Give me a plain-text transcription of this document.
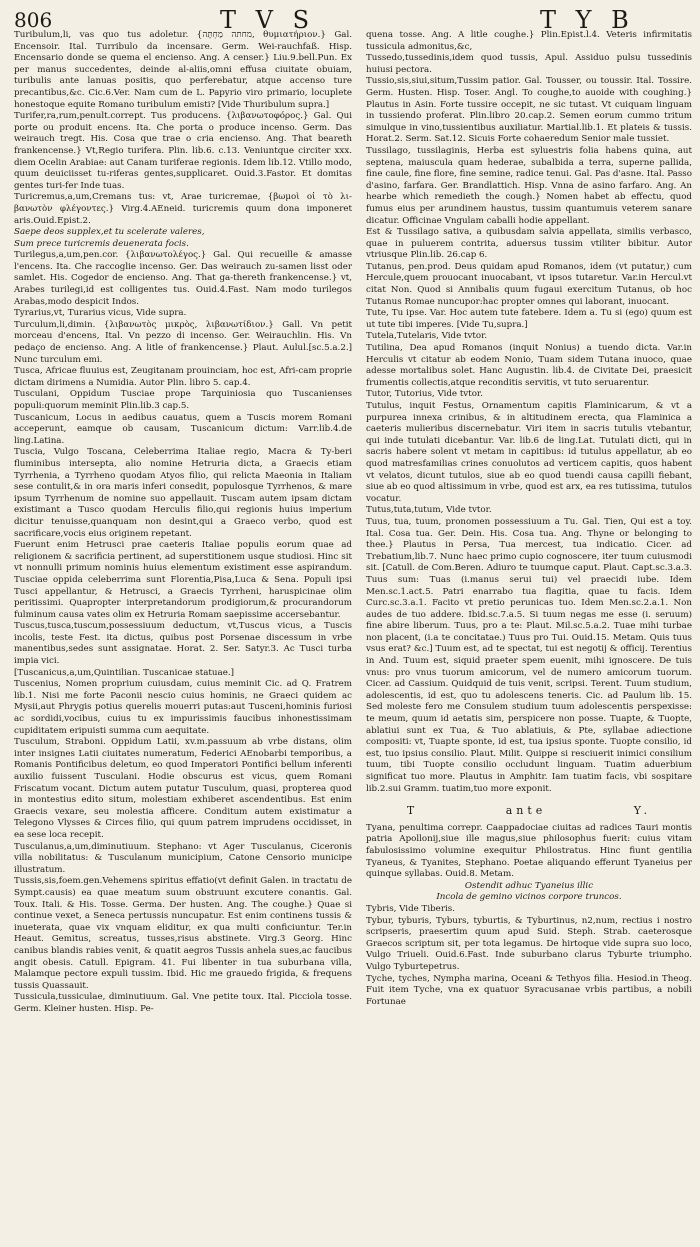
806	T V S	T Y B

Turibulum,li, vas quo tus adoletur. {מחתה מַחְתָּה, θυμιατήριον.} Gal. Encensoir. Ital. Turribulo da incensare. Germ. Wei-rauchfaß. Hisp. Encensario donde se quema el encienso. Ang. A censer.} Liu.9.bell.Pun. Ex per manus succedentes, deinde al-aliis,omni effusa ciuitate obuiam, turibulis ante lanuas positis, quo perferebatur, atque accenso ture precantibus,&c. Cic.6.Ver. Nam cum de L. Papyrio viro primario, locuplete honestoque equite Romano turibulum emisti? [Vide Thuribulum supra.]

Turifer,ra,rum,penult.corrept. Tus producens. {λιβανωτοφόρος.} Gal. Qui porte ou produit encens. Ita. Che porta o produce incenso. Germ. Das weirauch tregt. His. Cosa que trae o cria encienso. Ang. That beareth frankencense.} Vt,Regio turifera. Plin. lib.6. c.13. Veniuntque circiter xxx. diem Ocelin Arabiae: aut Canam turiferae regionis. Idem lib.12. Vtillo modo, quum deuiciisset tu-riferas gentes,supplicaret. Ouid.3.Fastor. Et domitas gentes turi-fer Inde tuas.

Turicremus,a,um,Cremans tus: vt, Arae turicremae, {βωμοὶ οἱ τὸ λι-βανωτὸν φλέγοντες.} Virg.4.AEneid. turicremis quum dona imponeret aris.Ouid.Epist.2.

Saepe deos supplex,et tu scelerate valeres,

Sum prece turicremis deuenerata focis.

Turilegus,a,um,pen.cor. {λιβανωτολέγος.} Gal. Qui recueille & amasse l'encens. Ita. Che raccoglie incenso. Ger. Das weirauch zu-samen lisst oder samlet. His. Cogedor de encienso. Ang. That ga-thereth frankencense.} vt, Arabes turilegi,id est colligentes tus. Ouid.4.Fast. Nam modo turilegos Arabas,modo despicit Indos.

Tyrarius,vt, Turarius vicus, Vide supra.

Turculum,li,dimin. {λιβανωτὸς μικρὸς, λιβανωτίδιον.} Gall. Vn petit morceau d'encens, Ital. Vn pezzo di incenso. Ger. Weirauchlin. His. Vn pedaço de encienso. Ang. A litle of frankencense.} Plaut. Aulul.[sc.5.a.2.] Nunc turculum emi.

Tusca, Africae fluuius est, Zeugitanam prouinciam, hoc est, Afri-cam proprie dictam dirimens a Numidia. Autor Plin. libro 5. cap.4.

Tusculani, Oppidum Tusciae prope Tarquiniosia quo Tuscanienses populi:quorum meminit Plin.lib.3 cap.5.

Tuscanicum, Locus in aedibus cauatus, quem a Tuscis morem Romani acceperunt, eamque ob causam, Tuscanicum dictum: Varr.lib.4.de ling.Latina.

Tuscia, Vulgo Toscana, Celeberrima Italiae regio, Macra & Ty-beri fluminibus intersepta, alio nomine Hetruria dicta, a Graecis etiam Tyrrhenia, a Tyrrheno quodam Atyos filio, qui relicta Maeonia in Italiam sese contulit,& in ora maris inferi consedit, populosque Tyrrhenos, & mare ipsum Tyrrhenum de nomine suo appellauit. Tuscam autem ipsam dictam existimant a Tusco quodam Herculis filio,qui regionis huius imperium dicitur tenuisse,quanquam non desint,qui a Graeco verbo, quod est sacrificare,vocis eius originem repetant.

Fuerunt enim Hetrusci prae caeteris Italiae populis eorum quae ad religionem & sacrificia pertinent, ad superstitionem usque studiosi. Hinc sit vt nonnulli primum nominis huius elementum existiment esse aspirandum. Tusciae oppida celeberrima sunt Florentia,Pisa,Luca & Sena. Populi ipsi Tusci appellantur, & Hetrusci, a Graecis Tyrrheni, haruspicinae olim peritissimi. Quapropter interpretandorum prodigiorum,& procurandorum fulminum causa vates olim ex Hetruria Romam saepissime accersebantur.

Tuscus,tusca,tuscum,possessiuum deductum, vt,Tuscus vicus, a Tuscis incolis, teste Fest. ita dictus, quibus post Porsenae discessum in vrbe manentibus,sedes sunt assignatae. Horat. 2. Ser. Satyr.3. Ac Tusci turba impia vici.

[Tuscanicus,a,um,Quintilian. Tuscanicae statuae.]

Tuscenius, Nomen proprium cuiusdam, cuius meminit Cic. ad Q. Fratrem lib.1. Nisi me forte Paconii nescio cuius hominis, ne Graeci quidem ac Mysii,aut Phrygis potius querelis mouerri putas:aut Tusceni,hominis furiosi ac sordidi,vocibus, cuius tu ex impurissimis faucibus inhonestissimam cupiditatem eripuisti summa cum aequitate.

Tusculum, Straboni. Oppidum Latii, xv.m.passuum ab vrbe distans, olim inter insignes Latii ciuitates numeratum, Federici AEnobarbi temporibus, a Romanis Pontificibus deletum, eo quod Imperatori Pontifici bellum inferenti auxilio fuissent Tusculani. Hodie obscurus est vicus, quem Romani Friscatum vocant. Dictum autem putatur Tusculum, quasi, propterea quod in montestius edito situm, molestiam exhiberet ascendentibus. Est enim Graecis vexare, seu molestia afficere. Conditum autem existimatur a Telegono Vlysses & Circes filio, qui quum patrem imprudens occidisset, in ea sese loca recepit.

Tusculanus,a,um,diminutiuum. Stephano: vt Ager Tusculanus, Ciceronis villa nobilitatus: & Tusculanum municipium, Catone Censorio municipe illustratum.

Tussis,sis,foem.gen.Vehemens spiritus effatio(vt definit Galen. in tractatu de Sympt.causis) ea quae meatum suum obstruunt excutere conantis. Gal. Toux. Itali. & His. Tosse. Germa. Der husten. Ang. The coughe.} Quae si continue vexet, a Seneca pertussis nuncupatur. Est enim continens tussis & inueterata, quae vix vnquam eliditur, ex qua multi conficiuntur. Ter.in Heaut. Gemitus, screatus, tusses,risus abstinete. Virg.3 Georg. Hinc canibus blandis rabies venit, & quatit aegros Tussis anhela sues,ac faucibus angit obesis. Catull. Epigram. 41. Fui libenter in tua suburbana villa, Malamque pectore expuli tussim. Ibid. Hic me grauedo frigida, & frequens tussis Quassauit.

Tussicula,tussiculae, diminutiuum. Gal. Vne petite toux. Ital. Picciola tosse. Germ. Kleiner husten. Hisp. Pe-

quena tosse. Ang. A litle coughe.} Plin.Epist.l.4. Veteris infirmitatis tussicula admonitus,&c,

Tussedo,tussedinis,idem quod tussis, Apul. Assiduo pulsu tussedinis huiusi pectora.

Tussio,sis,siui,situm,Tussim patior. Gal. Tousser, ou toussir. Ital. Tossire. Germ. Husten. Hisp. Toser. Angl. To coughe,to auoide with coughing.} Plautus in Asin. Forte tussire occepit, ne sic tutast. Vt cuiquam linguam in tussiendo proferat. Plin.libro 20.cap.2. Semen eorum cummo tritum simulque in vino,tussientibus auxiliatur. Martial.lib.1. Et plateis & tussis. Horat.2. Serm. Sat.12. Sicuis Forte cohaeredum Senior male tussiet.

Tussilago, tussilaginis, Herba est syluestris folia habens quina, aut septena, maiuscula quam hederae, subalbida a terra, superne pallida, fine caule, fine flore, fine semine, radice tenui. Gal. Pas d'asne. Ital. Passo d'asino, farfara. Ger. Brandlattich. Hisp. Vnna de asino farfaro. Ang. An hearbe which remedieth the cough.} Nomen habet ab effectu, quod fumus eius per arundinem haustus, tussim quantumuis veterem sanare dicatur. Officinae Vngulam caballi hodie appellant.

Est & Tussilago sativa, a quibusdam salvia appellata, similis verbasco, quae in puluerem contrita, aduersus tussim vtiliter bibitur. Autor vtriusque Plin.lib. 26.cap 6.

Tutanus, pen.prod. Deus quidam apud Romanos, idem (vt putatur,) cum Hercule,quem prouocant inuocabant, vt ipsos tutaretur. Var.in Hercul.vt citat Non. Quod si Annibalis quum fugaui exercitum Tutanus, ob hoc Tutanus Romae nuncupor:hac propter omnes qui laborant, inuocant.

Tute, Tu ipse. Var. Hoc autem tute fatebere. Idem a. Tu si (ego) quum est ut tute tibi imperes. [Vide Tu,supra.]

Tutela,Tutelaris, Vide tvtor.

Tutilina, Dea apud Romanos (inquit Nonius) a tuendo dicta. Var.in Herculis vt citatur ab eodem Nonio, Tuam sidem Tutana inuoco, quae adesse mortalibus solet. Hanc Augustin. lib.4. de Civitate Dei, praesicit frumentis collectis,atque reconditis servitis, vt tuto seruarentur.

Tutor, Tutorius, Vide tvtor.

Tutulus, inquit Festus, Ornamentum capitis Flaminicarum, & vt a purpurea innexa crinibus, & in altitudinem erecta, qua Flaminica a caeteris mulieribus discernebatur. Viri item in sacris tutulis vtebantur, qui inde tutulati dicebantur. Var. lib.6 de ling.Lat. Tutulati dicti, qui in sacris habere solent vt metam in capitibus: id tutulus appellatur, ab eo quod matresfamilias crines conuolutos ad verticem capitis, quos habent vt velatos, dicunt tutulos, siue ab eo quod tuendi causa capilli fiebant, siue ab eo quod altissimum in vrbe, quod est arx, ea res tutissima, tutulos vocatur.

Tutus,tuta,tutum, Vide tvtor.

Tuus, tua, tuum, pronomen possessiuum a Tu. Gal. Tien, Qui est a toy. Ital. Cosa tua. Ger. Dein. His. Cosa tua. Ang. Thyne or belonging to thee.} Plautus in Persa, Tua mercest, tua indicatio. Cicer. ad Trebatium,lib.7. Nunc haec primo cupio cognoscere, iter tuum cuiusmodi sit. [Catull. de Com.Beren. Adiuro te tuumque caput. Plaut. Capt.sc.3.a.3. Tuus sum: Tuas (i.manus serui tui) vel praecidi iube. Idem Men.sc.1.act.5. Patri enarrabo tua flagitia, quae tu facis. Idem Curc.sc.3.a.1. Facito vt pretio perunicas tuo. Idem Men.sc.2.a.1. Non audes de tuo addere. Ibid.sc.7.a.5. Si tuum negas me esse (i. seruum) fine abire liberum. Tuus, pro a te: Plaut. Mil.sc.5.a.2. Tuae mihi turbae non placent, (i.a te concitatae.) Tuus pro Tui. Ouid.15. Metam. Quis tuus vsus erat? &c.] Tuum est, ad te spectat, tui est negotij & officij. Terentius in And. Tuum est, siquid praeter spem euenit, mihi ignoscere. De tuis vnus: pro vnus tuorum amicorum, vel de numero amicorum tuorum. Cicer. ad Cassium. Quidquid de tuis venit, scripsi. Terent. Tuum studium, adolescentis, id est, quo tu adolescens teneris. Cic. ad Paulum lib. 15. Sed moleste fero me Consulem studium tuum adolescentis perspexisse: te meum, quum id aetatis sim, perspicere non posse. Tuapte, & Tuopte, ablatiui sunt ex Tua, & Tuo ablatiuis, & Pte, syllabae adiectione compositi: vt, Tuapte sponte, id est, tua ipsius sponte. Tuopte consilio, id est, tuo ipsius consilio. Plaut. Milit. Quippe si resciuerit inimici consilium tuum, tibi Tuopte consilio occludunt linguam. Tuatim aduerbium significat tuo more. Plautus in Amphitr. Iam tuatim facis, vbi sospitare lib.2.sui Gramm. tuatim,tuo more exponit.

T	ante	Y.

Tyana, penultima correpr. Caappadociae ciuitas ad radices Tauri montis patria Apollonij,siue ille magus,siue philosophus fuerit: cuius vitam fabulosissimo volumine exequitur Philostratus. Hinc fiunt gentilia Tyaneus, & Tyanites, Stephano. Poetae aliquando efferunt Tyaneius per quinque syllabas. Ouid.8. Metam.

Ostendit adhuc Tyaneius illic

Incola de gemino vicinos corpore truncos.

Tybris, Vide Tiberis.

Tybur, tyburis, Tyburs, tyburtis, & Tyburtinus, n2,num, rectius i nostro scripseris, praesertim quum apud Suid. Steph. Strab. caeterosque Graecos scriptum sit, per tota legamus. De hirtoque vide supra suo loco, Vulgo Triueli. Ouid.6.Fast. Inde suburbano clarus Tyburte triumpho. Vulgo Tyburtepetrus.

Tyche, tyches, Nympha marina, Oceani & Tethyos filia. Hesiod.in Theog. Fuit item Tyche, vna ex quatuor Syracusanae vrbis partibus, a nobili Fortunae
